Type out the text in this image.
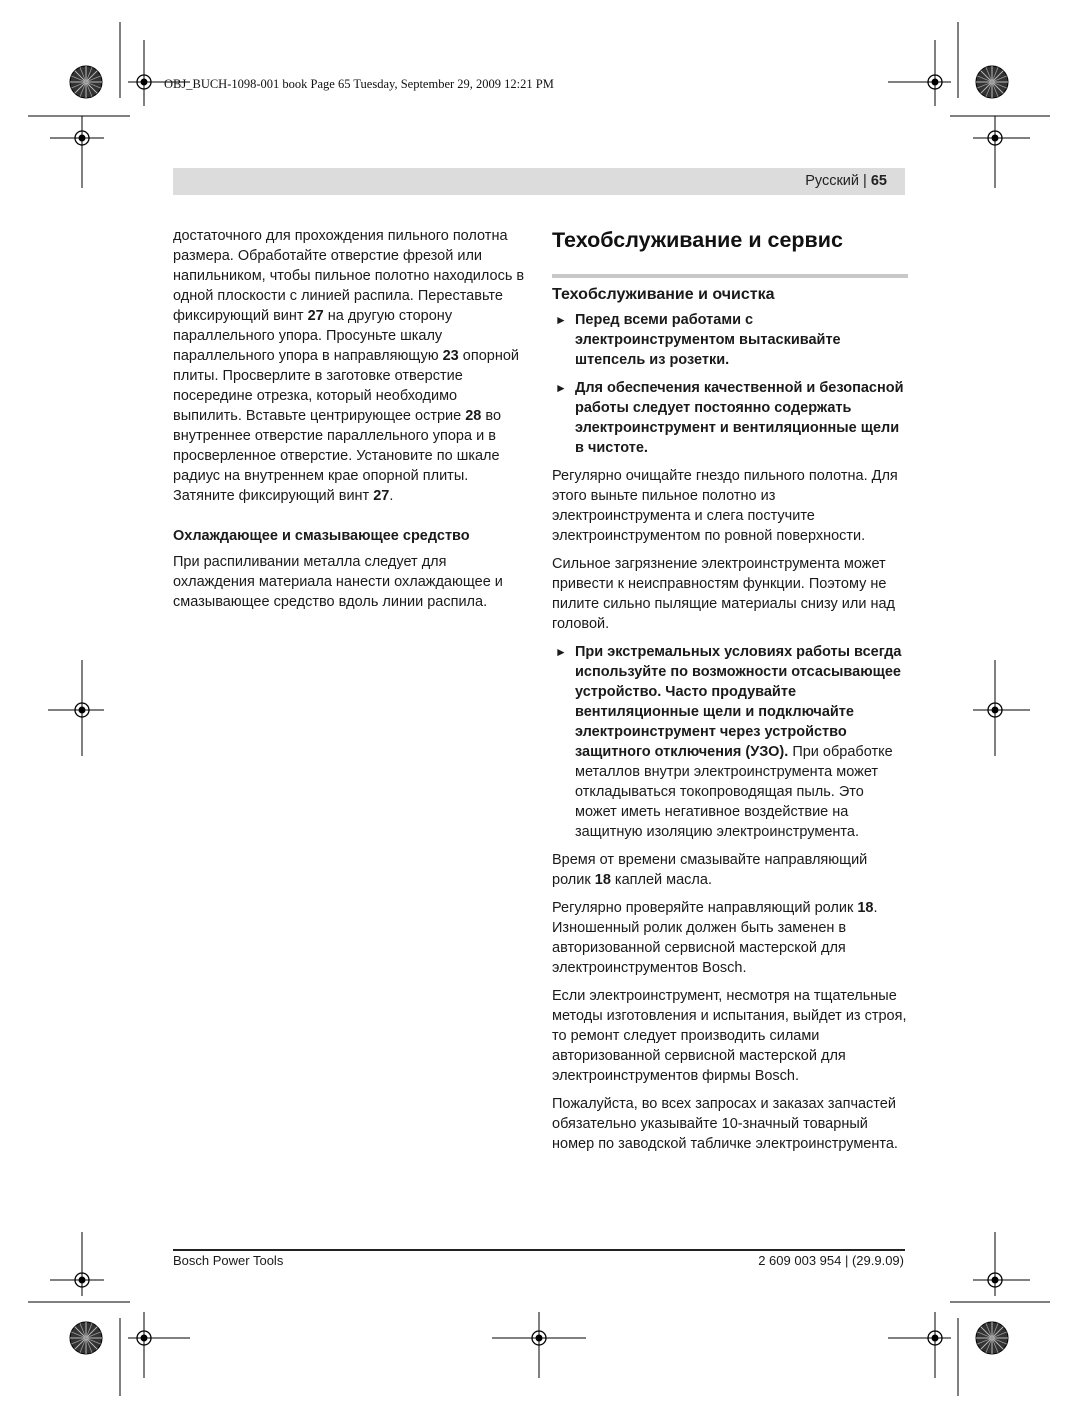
OBJ_BUCH-1098-001 book Page 65 Tuesday, September 29, 2009 12:21 PM
Русский | 65

достаточного для прохождения пильного полотна размера. Обработайте отверстие фрезой или напильником, чтобы пильное полотно находилось в одной плоскости с линией распила. Переставьте фиксирующий винт 27 на другую сторону параллельного упора. Просуньте шкалу параллельного упора в направляющую 23 опорной плиты. Просверлите в заготовке отверстие посередине отрезка, который необходимо выпилить. Вставьте центрирующее острие 28 во внутреннее отверстие параллельного упора и в просверленное отверстие. Установите по шкале радиус на внутреннем крае опорной плиты. Затяните фиксирующий винт 27.

Охлаждающее и смазывающее средство

При распиливании металла следует для охлаждения материала нанести охлаждающее и смазывающее средство вдоль линии распила.

Техобслуживание и сервис
Техобслуживание и очистка
► Перед всеми работами с электроинструментом вытаскивайте штепсель из розетки.
► Для обеспечения качественной и безопасной работы следует постоянно содержать электроинструмент и вентиляционные щели в чистоте.

Регулярно очищайте гнездо пильного полотна. Для этого выньте пильное полотно из электроинструмента и слега постучите электроинструментом по ровной поверхности.

Сильное загрязнение электроинструмента может привести к неисправностям функции. Поэтому не пилите сильно пылящие материалы снизу или над головой.

► При экстремальных условиях работы всегда используйте по возможности отсасывающее устройство. Часто продувайте вентиляционные щели и подключайте электроинструмент через устройство защитного отключения (УЗО). При обработке металлов внутри электроинструмента может откладываться токопроводящая пыль. Это может иметь негативное воздействие на защитную изоляцию электроинструмента.

Время от времени смазывайте направляющий ролик 18 каплей масла.

Регулярно проверяйте направляющий ролик 18. Изношенный ролик должен быть заменен в авторизованной сервисной мастерской для электроинструментов Bosch.

Если электроинструмент, несмотря на тщательные методы изготовления и испытания, выйдет из строя, то ремонт следует производить силами авторизованной сервисной мастерской для электроинструментов фирмы Bosch.

Пожалуйста, во всех запросах и заказах запчастей обязательно указывайте 10-значный товарный номер по заводской табличке электроинструмента.

Bosch Power Tools	2 609 003 954 | (29.9.09)
